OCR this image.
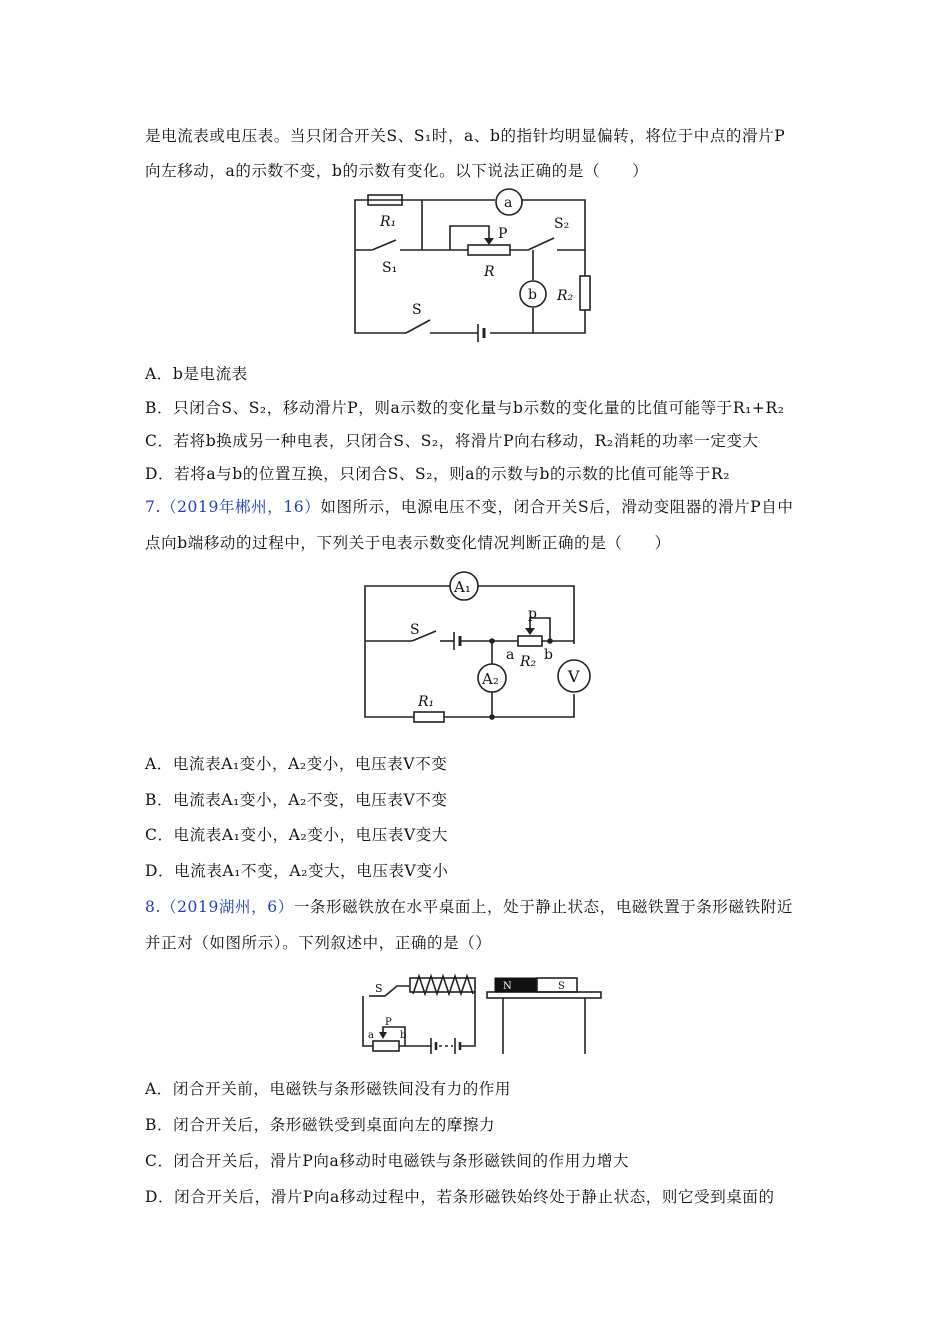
是电流表或电压表。当只闭合开关S、S₁时，a、b的指针均明显偏转，将位于中点的滑片P
向左移动，a的示数不变，b的示数有变化。以下说法正确的是（　　）
R₁
S₁
P
R
S₂
a
b R₂
S
A．b是电流表
B．只闭合S、S₂，移动滑片P，则a示数的变化量与b示数的变化量的比值可能等于R₁+R₂
C．若将b换成另一种电表，只闭合S、S₂，将滑片P向右移动，R₂消耗的功率一定变大
D．若将a与b的位置互换，只闭合S、S₂，则a的示数与b的示数的比值可能等于R₂
7.（2019年郴州，16）如图所示，电源电压不变，闭合开关S后，滑动变阻器的滑片P自中
点向b端移动的过程中，下列关于电表示数变化情况判断正确的是（　　）
A₁
R₁
S
p
a R₂ b
A₂	V
A．电流表A₁变小，A₂变小，电压表V不变
B．电流表A₁变小，A₂不变，电压表V不变
C．电流表A₁变小，A₂变小，电压表V变大
D．电流表A₁不变，A₂变大，电压表V变小
8.（2019湖州，6）一条形磁铁放在水平桌面上，处于静止状态，电磁铁置于条形磁铁附近
并正对（如图所示）。下列叙述中，正确的是（）
S
a
P
b
N	S
A．闭合开关前，电磁铁与条形磁铁间没有力的作用
B．闭合开关后，条形磁铁受到桌面向左的摩擦力
C．闭合开关后，滑片P向a移动时电磁铁与条形磁铁间的作用力增大
D．闭合开关后，滑片P向a移动过程中，若条形磁铁始终处于静止状态，则它受到桌面的
